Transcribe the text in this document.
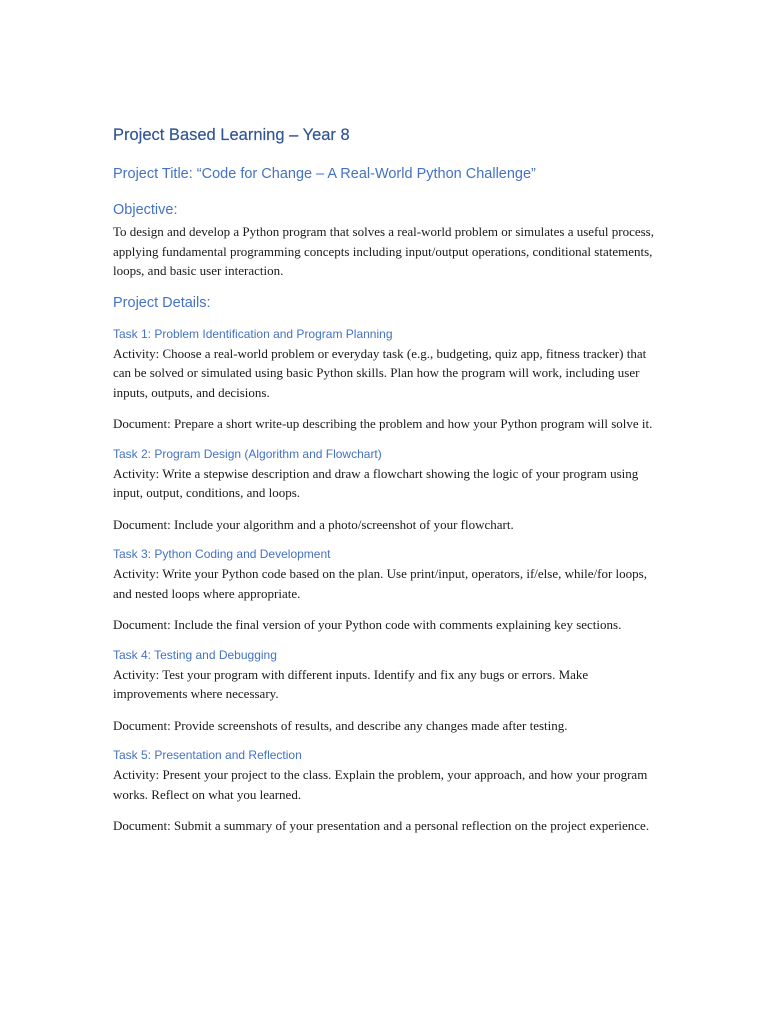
Project Based Learning – Year 8
Project Title: “Code for Change – A Real-World Python Challenge”
Objective:

To design and develop a Python program that solves a real-world problem or simulates a useful process, applying fundamental programming concepts including input/output operations, conditional statements, loops, and basic user interaction.

Project Details:
Task 1: Problem Identification and Program Planning

Activity: Choose a real-world problem or everyday task (e.g., budgeting, quiz app, fitness tracker) that can be solved or simulated using basic Python skills. Plan how the program will work, including user inputs, outputs, and decisions.

Document: Prepare a short write-up describing the problem and how your Python program will solve it.

Task 2: Program Design (Algorithm and Flowchart)

Activity: Write a stepwise description and draw a flowchart showing the logic of your program using input, output, conditions, and loops.

Document: Include your algorithm and a photo/screenshot of your flowchart.

Task 3: Python Coding and Development

Activity: Write your Python code based on the plan. Use print/input, operators, if/else, while/for loops, and nested loops where appropriate.

Document: Include the final version of your Python code with comments explaining key sections.

Task 4: Testing and Debugging

Activity: Test your program with different inputs. Identify and fix any bugs or errors. Make improvements where necessary.

Document: Provide screenshots of results, and describe any changes made after testing.

Task 5: Presentation and Reflection

Activity: Present your project to the class. Explain the problem, your approach, and how your program works. Reflect on what you learned.

Document: Submit a summary of your presentation and a personal reflection on the project experience.
